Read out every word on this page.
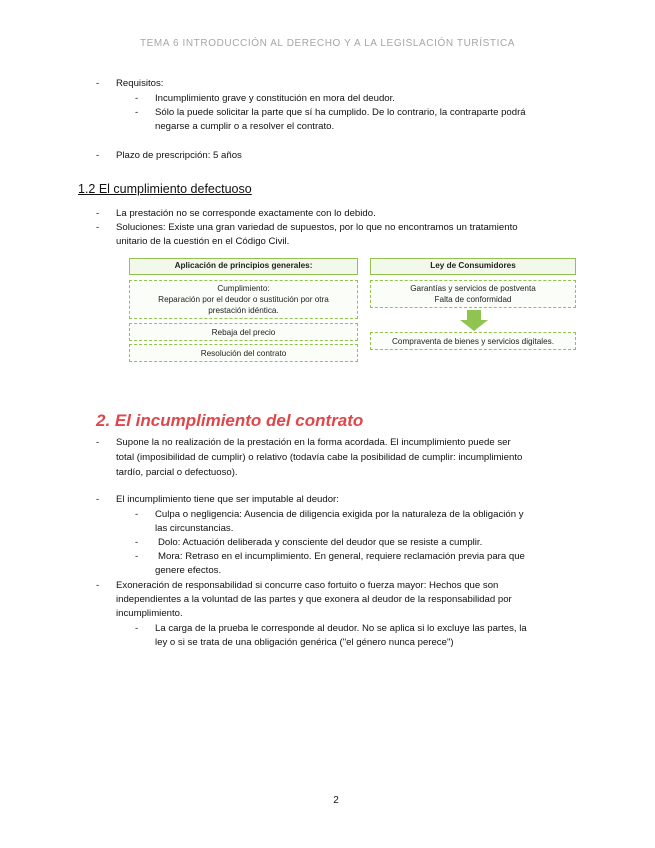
TEMA 6 INTRODUCCIÓN AL DERECHO Y A LA LEGISLACIÓN TURÍSTICA
- Requisitos:
- Incumplimiento grave y constitución en mora del deudor.
- Sólo la puede solicitar la parte que sí ha cumplido. De lo contrario, la contraparte podrá
negarse a cumplir o a resolver el contrato.
- Plazo de prescripción: 5 años
1.2 El cumplimiento defectuoso
- La prestación no se corresponde exactamente con lo debido.
- Soluciones: Existe una gran variedad de supuestos, por lo que no encontramos un tratamiento
unitario de la cuestión en el Código Civil.
Aplicación de principios generales:
Cumplimiento:
Reparación por el deudor o sustitución por otra
prestación idéntica.
Rebaja del precio
Resolución del contrato
Ley de Consumidores
Garantías y servicios de postventa
Falta de conformidad
Compraventa de bienes y servicios digitales.
2. El incumplimiento del contrato
- Supone la no realización de la prestación en la forma acordada. El incumplimiento puede ser
total (imposibilidad de cumplir) o relativo (todavía cabe la posibilidad de cumplir: incumplimiento
tardío, parcial o defectuoso).
- El incumplimiento tiene que ser imputable al deudor:
- Culpa o negligencia: Ausencia de diligencia exigida por la naturaleza de la obligación y
las circunstancias.
- Dolo: Actuación deliberada y consciente del deudor que se resiste a cumplir.
- Mora: Retraso en el incumplimiento. En general, requiere reclamación previa para que
genere efectos.
- Exoneración de responsabilidad si concurre caso fortuito o fuerza mayor: Hechos que son
independientes a la voluntad de las partes y que exonera al deudor de la responsabilidad por
incumplimiento.
- La carga de la prueba le corresponde al deudor. No se aplica si lo excluye las partes, la
ley o si se trata de una obligación genérica ("el género nunca perece")
2
